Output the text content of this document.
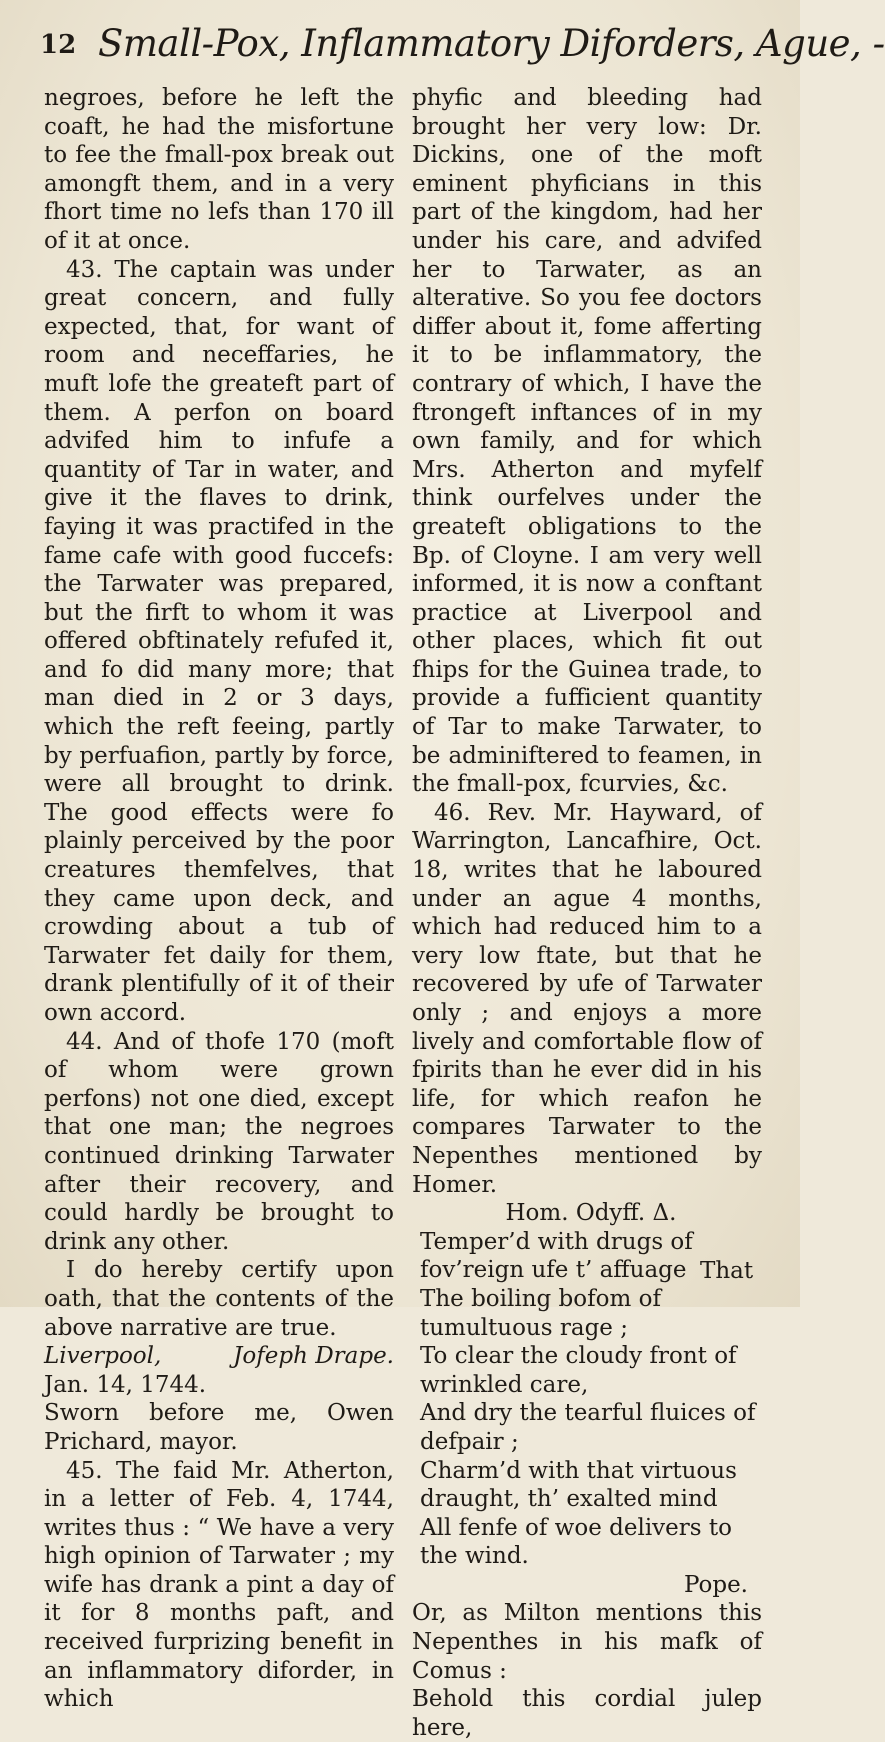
12 Small-Pox, Inflammatory Diforders, Ague, -

negroes, before he left the coaft, he had the misfortune to fee the fmall-pox break out amongft them, and in a very fhort time no lefs than 170 ill of it at once.

43. The captain was under great concern, and fully expected, that, for want of room and neceffaries, he muft lofe the greateft part of them. A perfon on board advifed him to infufe a quantity of Tar in water, and give it the flaves to drink, faying it was practifed in the fame cafe with good fuccefs: the Tarwater was prepared, but the firft to whom it was offered obftinately refufed it, and fo did many more; that man died in 2 or 3 days, which the reft feeing, partly by perfuafion, partly by force, were all brought to drink. The good effects were fo plainly perceived by the poor creatures themfelves, that they came upon deck, and crowding about a tub of Tarwater fet daily for them, drank plentifully of it of their own accord.

44. And of thofe 170 (moft of whom were grown perfons) not one died, except that one man; the negroes continued drinking Tarwater after their recovery, and could hardly be brought to drink any other.

I do hereby certify upon oath, that the contents of the above narrative are true.

Liverpool,	Jofeph Drape.

Jan. 14, 1744.

Sworn before me, Owen Prichard, mayor.

45. The faid Mr. Atherton, in a letter of Feb. 4, 1744, writes thus : “ We have a very high opinion of Tarwater ; my wife has drank a pint a day of it for 8 months paft, and received furprizing benefit in an inflammatory diforder, in which

phyfic and bleeding had brought her very low: Dr. Dickins, one of the moft eminent phyficians in this part of the kingdom, had her under his care, and advifed her to Tarwater, as an alterative. So you fee doctors differ about it, fome afferting it to be inflammatory, the contrary of which, I have the ftrongeft inftances of in my own family, and for which Mrs. Atherton and myfelf think ourfelves under the greateft obligations to the Bp. of Cloyne. I am very well informed, it is now a conftant practice at Liverpool and other places, which fit out fhips for the Guinea trade, to provide a fufficient quantity of Tar to make Tarwater, to be adminiftered to feamen, in the fmall-pox, fcurvies, &c.

46. Rev. Mr. Hayward, of Warrington, Lancafhire, Oct. 18, writes that he laboured under an ague 4 months, which had reduced him to a very low ftate, but that he recovered by ufe of Tarwater only ; and enjoys a more lively and comfortable flow of fpirits than he ever did in his life, for which reafon he compares Tarwater to the Nepenthes mentioned by Homer.

Hom. Odyff. Δ.
Temper’d with drugs of fov’reign ufe t’ affuage
The boiling bofom of tumultuous rage ;
To clear the cloudy front of wrinkled care,
And dry the tearful fluices of defpair ;
Charm’d with that virtuous draught, th’ exalted mind
All fenfe of woe delivers to the wind.
Pope.

Or, as Milton mentions this Nepenthes in his mafk of Comus :

Behold this cordial julep here,

That
